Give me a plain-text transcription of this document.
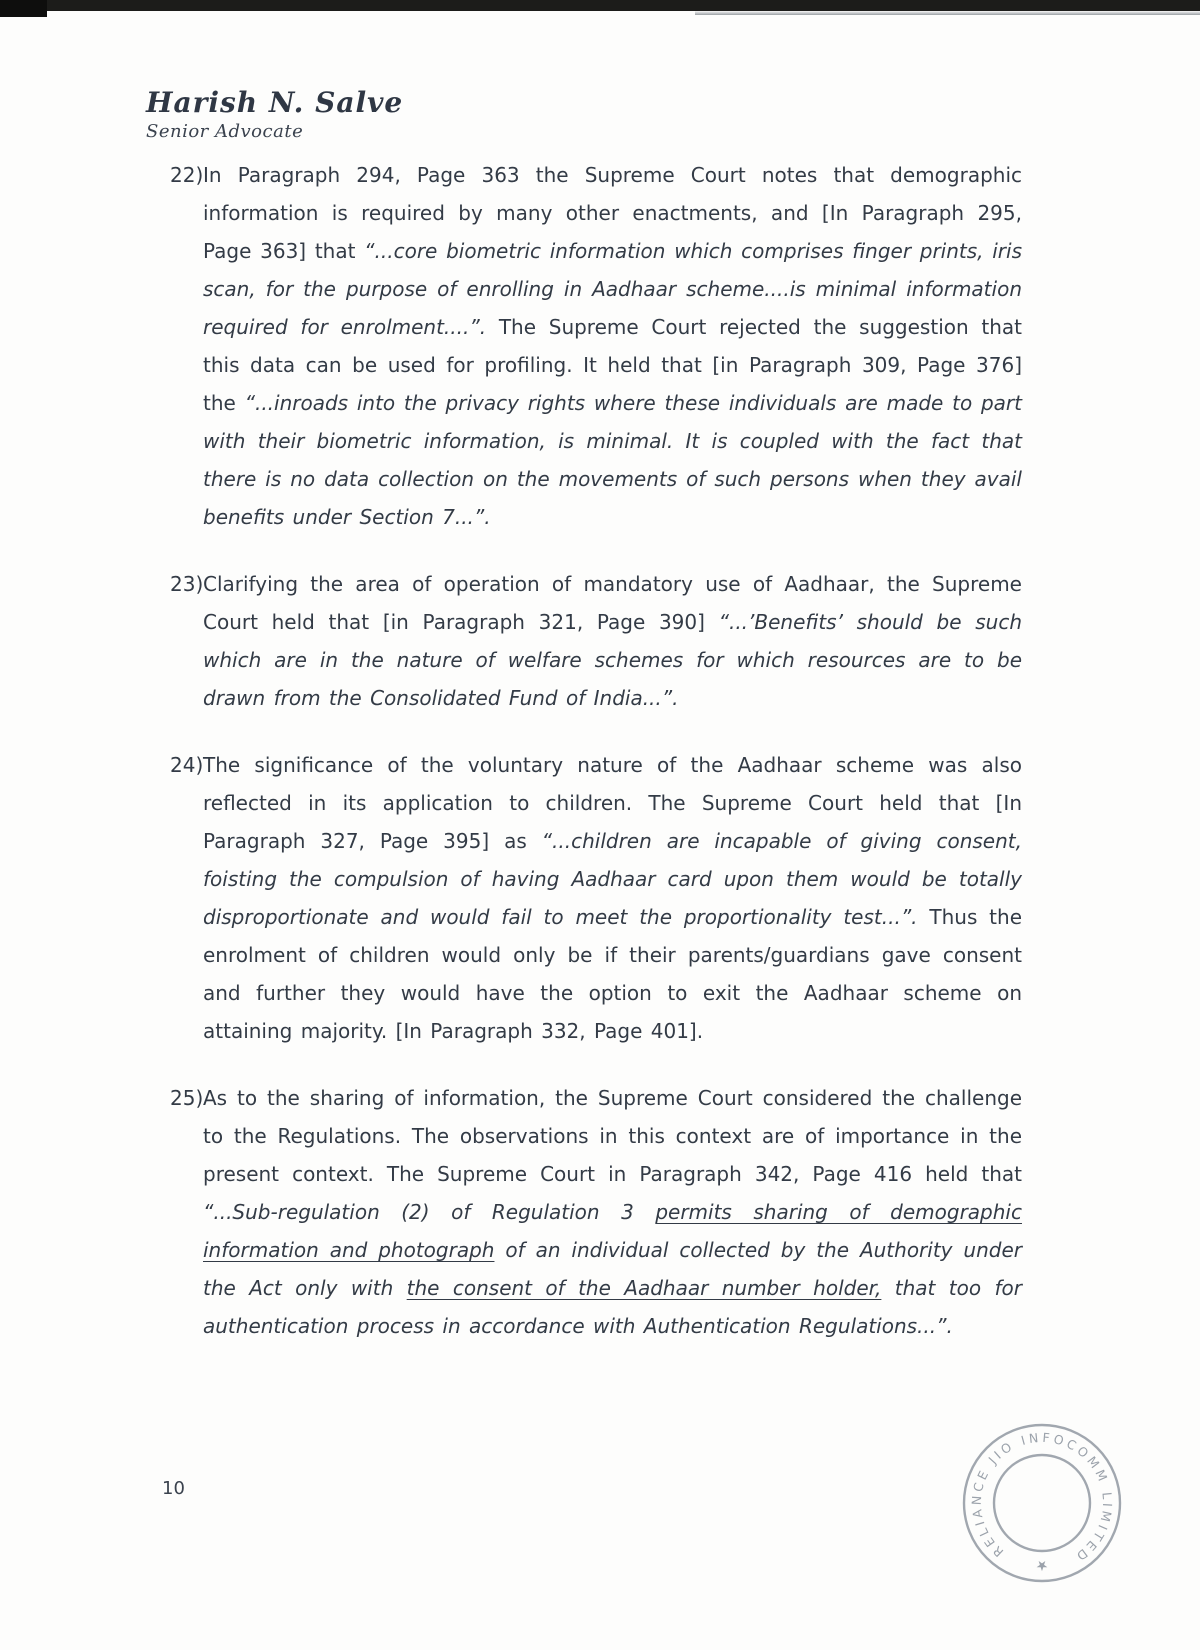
Harish N. Salve
Senior Advocate
22) In Paragraph 294, Page 363 the Supreme Court notes that demographic information is required by many other enactments, and [In Paragraph 295, Page 363] that “...core biometric information which comprises finger prints, iris scan, for the purpose of enrolling in Aadhaar scheme....is minimal information required for enrolment....”. The Supreme Court rejected the suggestion that this data can be used for profiling. It held that [in Paragraph 309, Page 376] the “...inroads into the privacy rights where these individuals are made to part with their biometric information, is minimal. It is coupled with the fact that there is no data collection on the movements of such persons when they avail benefits under Section 7...”.
23) Clarifying the area of operation of mandatory use of Aadhaar, the Supreme Court held that [in Paragraph 321, Page 390] “...’Benefits’ should be such which are in the nature of welfare schemes for which resources are to be drawn from the Consolidated Fund of India...”.
24) The significance of the voluntary nature of the Aadhaar scheme was also reflected in its application to children. The Supreme Court held that [In Paragraph 327, Page 395] as “...children are incapable of giving consent, foisting the compulsion of having Aadhaar card upon them would be totally disproportionate and would fail to meet the proportionality test...”. Thus the enrolment of children would only be if their parents/guardians gave consent and further they would have the option to exit the Aadhaar scheme on attaining majority. [In Paragraph 332, Page 401].
25) As to the sharing of information, the Supreme Court considered the challenge to the Regulations. The observations in this context are of importance in the present context. The Supreme Court in Paragraph 342, Page 416 held that “...Sub-regulation (2) of Regulation 3 permits sharing of demographic information and photograph of an individual collected by the Authority under the Act only with the consent of the Aadhaar number holder, that too for authentication process in accordance with Authentication Regulations...”.
10
RELIANCE JIO INFOCOMM LIMITED
★
